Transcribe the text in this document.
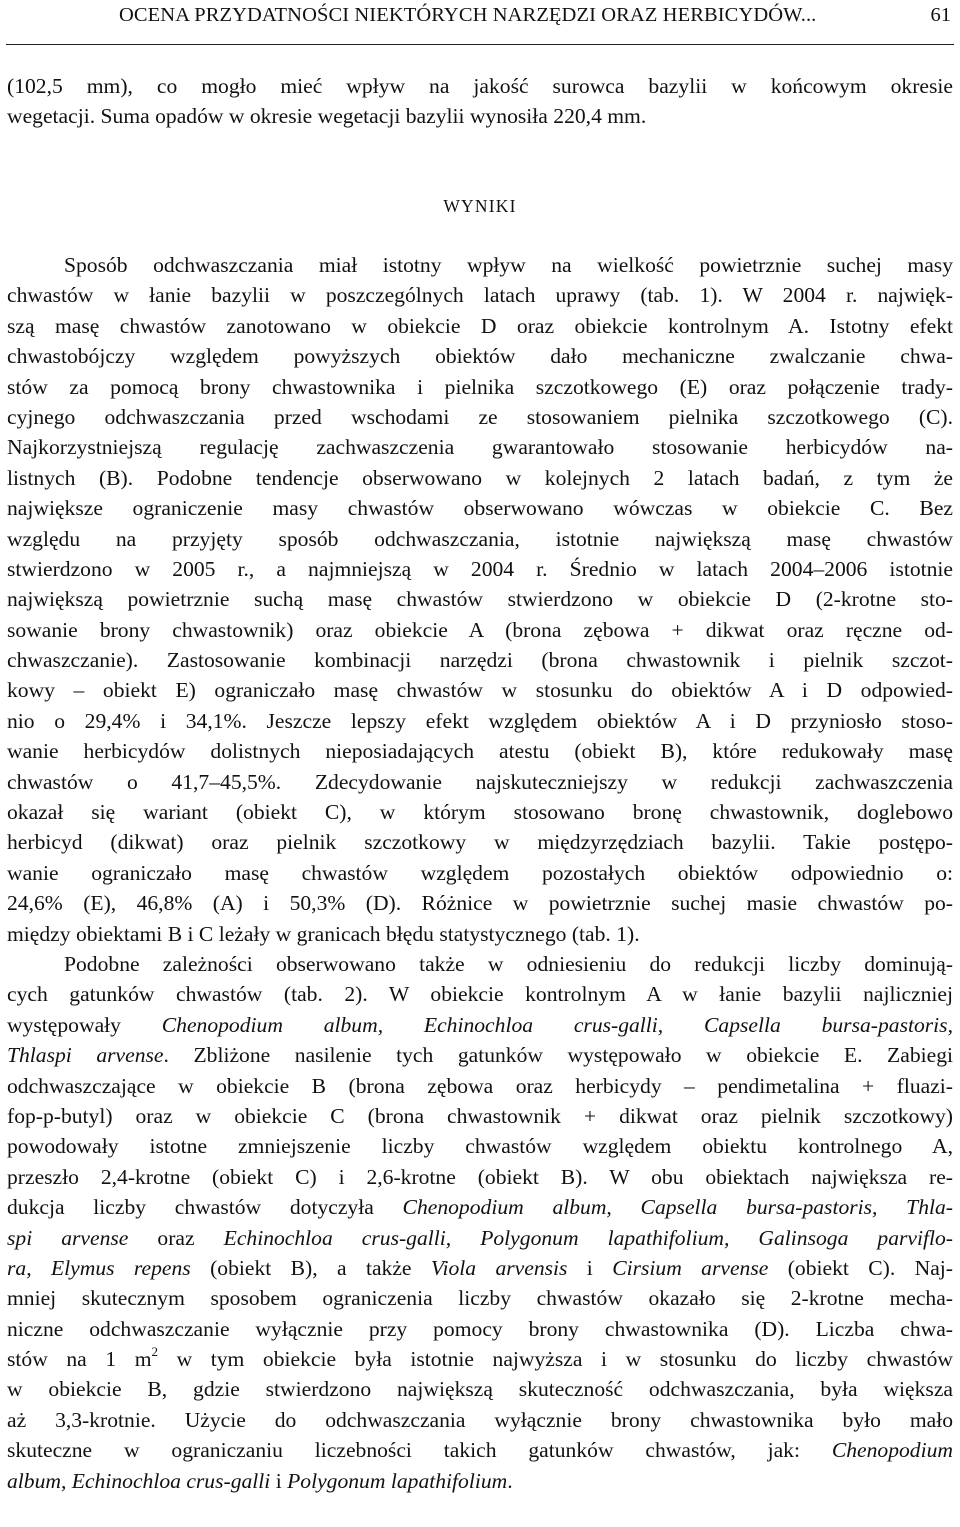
OCENA PRZYDATNOŚCI NIEKTÓRYCH NARZĘDZI ORAZ HERBICYDÓW...	61
(102,5 mm), co mogło mieć wpływ na jakość surowca bazylii w końcowym okresie
wegetacji. Suma opadów w okresie wegetacji bazylii wynosiła 220,4 mm.
WYNIKI
Sposób odchwaszczania miał istotny wpływ na wielkość powietrznie suchej masy
chwastów w łanie bazylii w poszczególnych latach uprawy (tab. 1). W 2004 r. najwięk-
szą masę chwastów zanotowano w obiekcie D oraz obiekcie kontrolnym A. Istotny efekt
chwastobójczy względem powyższych obiektów dało mechaniczne zwalczanie chwa-
stów za pomocą brony chwastownika i pielnika szczotkowego (E) oraz połączenie trady-
cyjnego odchwaszczania przed wschodami ze stosowaniem pielnika szczotkowego (C).
Najkorzystniejszą regulację zachwaszczenia gwarantowało stosowanie herbicydów na-
listnych (B). Podobne tendencje obserwowano w kolejnych 2 latach badań, z tym że
największe ograniczenie masy chwastów obserwowano wówczas w obiekcie C. Bez
względu na przyjęty sposób odchwaszczania, istotnie największą masę chwastów
stwierdzono w 2005 r., a najmniejszą w 2004 r. Średnio w latach 2004–2006 istotnie
największą powietrznie suchą masę chwastów stwierdzono w obiekcie D (2-krotne sto-
sowanie brony chwastownik) oraz obiekcie A (brona zębowa + dikwat oraz ręczne od-
chwaszczanie). Zastosowanie kombinacji narzędzi (brona chwastownik i pielnik szczot-
kowy – obiekt E) ograniczało masę chwastów w stosunku do obiektów A i D odpowied-
nio o 29,4% i 34,1%. Jeszcze lepszy efekt względem obiektów A i D przyniosło stoso-
wanie herbicydów dolistnych nieposiadających atestu (obiekt B), które redukowały masę
chwastów o 41,7–45,5%. Zdecydowanie najskuteczniejszy w redukcji zachwaszczenia
okazał się wariant (obiekt C), w którym stosowano bronę chwastownik, doglebowo
herbicyd (dikwat) oraz pielnik szczotkowy w międzyrzędziach bazylii. Takie postępo-
wanie ograniczało masę chwastów względem pozostałych obiektów odpowiednio o:
24,6% (E), 46,8% (A) i 50,3% (D). Różnice w powietrznie suchej masie chwastów po-
między obiektami B i C leżały w granicach błędu statystycznego (tab. 1).
Podobne zależności obserwowano także w odniesieniu do redukcji liczby dominują-
cych gatunków chwastów (tab. 2). W obiekcie kontrolnym A w łanie bazylii najliczniej
występowały Chenopodium album, Echinochloa crus-galli, Capsella bursa-pastoris,
Thlaspi arvense. Zbliżone nasilenie tych gatunków występowało w obiekcie E. Zabiegi
odchwaszczające w obiekcie B (brona zębowa oraz herbicydy – pendimetalina + fluazi-
fop-p-butyl) oraz w obiekcie C (brona chwastownik + dikwat oraz pielnik szczotkowy)
powodowały istotne zmniejszenie liczby chwastów względem obiektu kontrolnego A,
przeszło 2,4-krotne (obiekt C) i 2,6-krotne (obiekt B). W obu obiektach największa re-
dukcja liczby chwastów dotyczyła Chenopodium album, Capsella bursa-pastoris, Thla-
spi arvense oraz Echinochloa crus-galli, Polygonum lapathifolium, Galinsoga parviflo-
ra, Elymus repens (obiekt B), a także Viola arvensis i Cirsium arvense (obiekt C). Naj-
mniej skutecznym sposobem ograniczenia liczby chwastów okazało się 2-krotne mecha-
niczne odchwaszczanie wyłącznie przy pomocy brony chwastownika (D). Liczba chwa-
stów na 1 $m^2$ w tym obiekcie była istotnie najwyższa i w stosunku do liczby chwastów
w obiekcie B, gdzie stwierdzono największą skuteczność odchwaszczania, była większa
aż 3,3-krotnie. Użycie do odchwaszczania wyłącznie brony chwastownika było mało
skuteczne w ograniczaniu liczebności takich gatunków chwastów, jak: Chenopodium
album, Echinochloa crus-galli i Polygonum lapathifolium.
